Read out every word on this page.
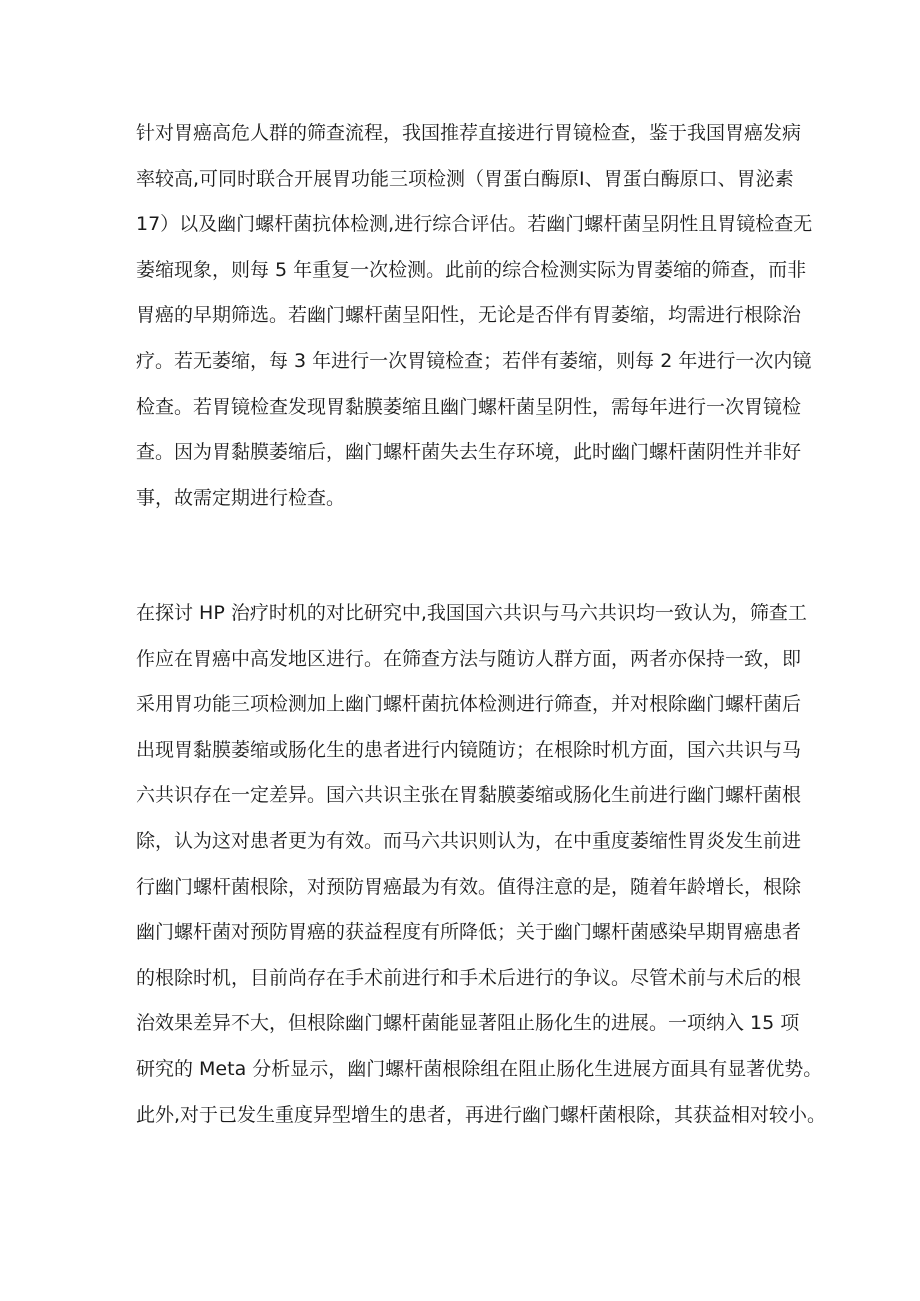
针对胃癌高危人群的筛查流程，我国推荐直接进行胃镜检查，鉴于我国胃癌发病
率较高,可同时联合开展胃功能三项检测（胃蛋白酶原Ⅰ、胃蛋白酶原口、胃泌素
17）以及幽门螺杆菌抗体检测,进行综合评估。若幽门螺杆菌呈阴性且胃镜检查无
萎缩现象，则每 5 年重复一次检测。此前的综合检测实际为胃萎缩的筛查，而非
胃癌的早期筛选。若幽门螺杆菌呈阳性，无论是否伴有胃萎缩，均需进行根除治
疗。若无萎缩，每 3 年进行一次胃镜检查；若伴有萎缩，则每 2 年进行一次内镜
检查。若胃镜检查发现胃黏膜萎缩且幽门螺杆菌呈阴性，需每年进行一次胃镜检
查。因为胃黏膜萎缩后，幽门螺杆菌失去生存环境，此时幽门螺杆菌阴性并非好
事，故需定期进行检查。
在探讨 HP 治疗时机的对比研究中,我国国六共识与马六共识均一致认为，筛查工
作应在胃癌中高发地区进行。在筛查方法与随访人群方面，两者亦保持一致，即
采用胃功能三项检测加上幽门螺杆菌抗体检测进行筛查，并对根除幽门螺杆菌后
出现胃黏膜萎缩或肠化生的患者进行内镜随访；在根除时机方面，国六共识与马
六共识存在一定差异。国六共识主张在胃黏膜萎缩或肠化生前进行幽门螺杆菌根
除，认为这对患者更为有效。而马六共识则认为，在中重度萎缩性胃炎发生前进
行幽门螺杆菌根除，对预防胃癌最为有效。值得注意的是，随着年龄增长，根除
幽门螺杆菌对预防胃癌的获益程度有所降低；关于幽门螺杆菌感染早期胃癌患者
的根除时机，目前尚存在手术前进行和手术后进行的争议。尽管术前与术后的根
治效果差异不大，但根除幽门螺杆菌能显著阻止肠化生的进展。一项纳入 15 项
研究的 Meta 分析显示，幽门螺杆菌根除组在阻止肠化生进展方面具有显著优势。
此外,对于已发生重度异型增生的患者，再进行幽门螺杆菌根除，其获益相对较小。
